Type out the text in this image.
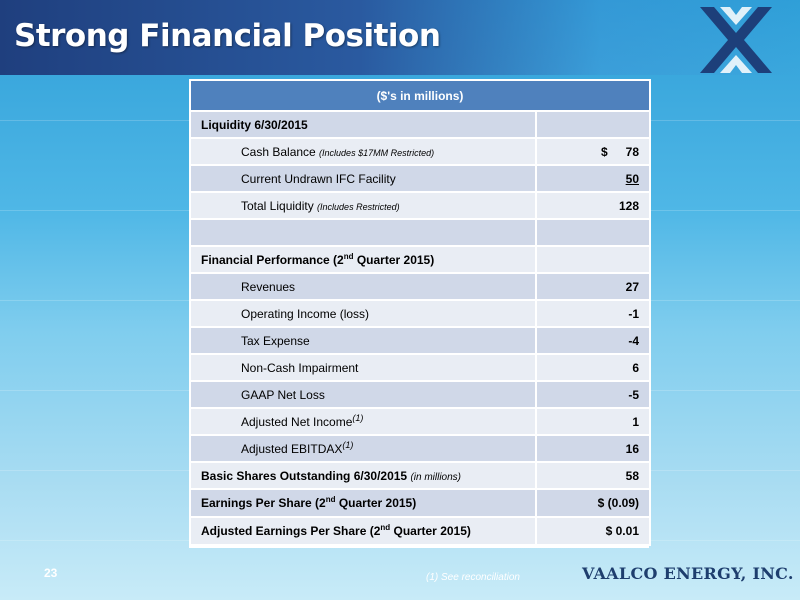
Strong Financial Position
($'s in millions)	
Liquidity 6/30/2015	
Cash Balance (Includes $17MM Restricted)	$ 78
Current Undrawn IFC Facility	50
Total Liquidity (Includes Restricted)	128

Financial Performance (2nd Quarter 2015)	
Revenues	27
Operating Income (loss)	-1
Tax Expense	-4
Non-Cash Impairment	6
GAAP Net Loss	-5
Adjusted Net Income$^{(1)}$	1
Adjusted EBITDAX$^{(1)}$	16
Basic Shares Outstanding 6/30/2015 (in millions)	58
Earnings Per Share (2nd Quarter 2015)	$ (0.09)
Adjusted Earnings Per Share (2nd Quarter 2015)	$ 0.01
23	(1) See reconciliation	VAALCO ENERGY, INC.
